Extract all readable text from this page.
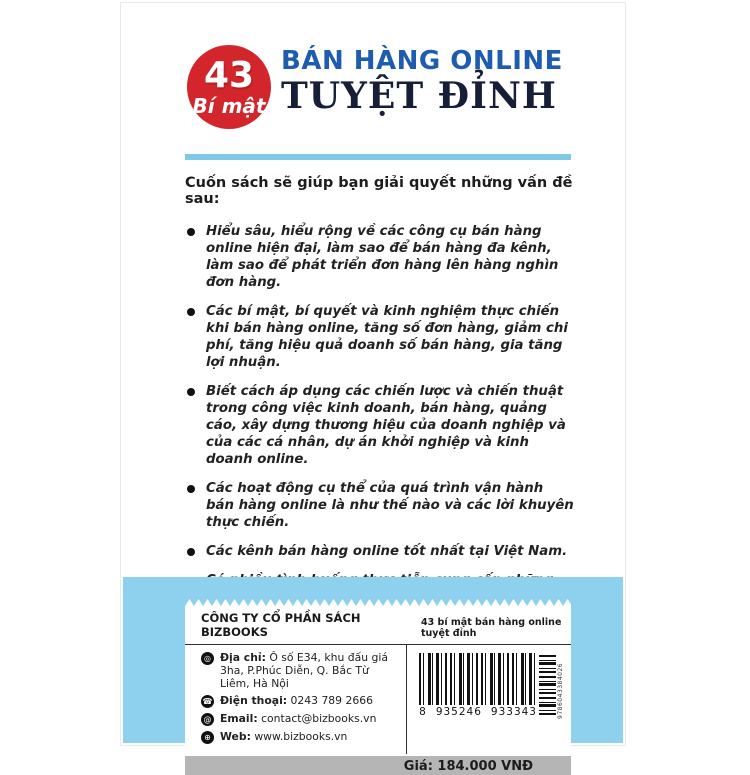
43
Bí mật
BÁN HÀNG ONLINE
TUYỆT ĐỈNH

Cuốn sách sẽ giúp bạn giải quyết những vấn đề sau:

Hiểu sâu, hiểu rộng về các công cụ bán hàng online hiện đại, làm sao để bán hàng đa kênh, làm sao để phát triển đơn hàng lên hàng nghìn đơn hàng.
Các bí mật, bí quyết và kinh nghiệm thực chiến khi bán hàng online, tăng số đơn hàng, giảm chi phí, tăng hiệu quả doanh số bán hàng, gia tăng lợi nhuận.
Biết cách áp dụng các chiến lược và chiến thuật trong công việc kinh doanh, bán hàng, quảng cáo, xây dựng thương hiệu của doanh nghiệp và của các cá nhân, dự án khởi nghiệp và kinh doanh online.
Các hoạt động cụ thể của quá trình vận hành bán hàng online là như thế nào và các lời khuyên thực chiến.
Các kênh bán hàng online tốt nhất tại Việt Nam.
CÔNG TY CỔ PHẦN SÁCH BIZBOOKS
43 bí mật bán hàng online tuyệt đỉnh
◎ Địa chỉ: Ô số E34, khu đấu giá 3ha, P.Phúc Diễn, Q. Bắc Từ Liêm, Hà Nội
☎ Điện thoại: 0243 789 2666
@ Email: contact@bizbooks.vn
⊕ Web: www.bizbooks.vn
8 935246 933343	9786043384026
Giá: 184.000 VNĐ
